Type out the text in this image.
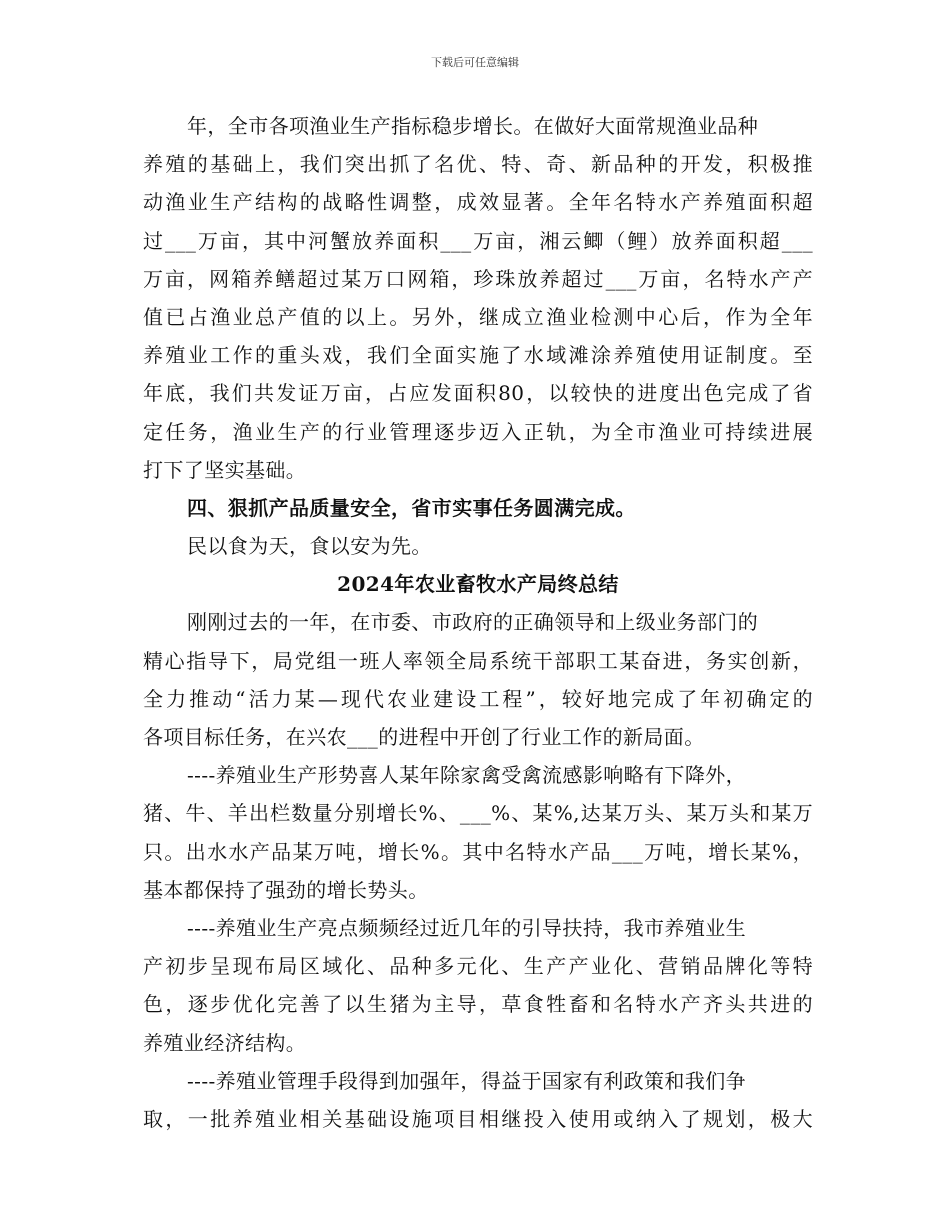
下载后可任意编辑
年，全市各项渔业生产指标稳步增长。在做好大面常规渔业品种
养殖的基础上，我们突出抓了名优、特、奇、新品种的开发，积极推
动渔业生产结构的战略性调整，成效显著。全年名特水产养殖面积超
过___万亩，其中河蟹放养面积___万亩，湘云鲫（鲤）放养面积超___
万亩，网箱养鳝超过某万口网箱，珍珠放养超过___万亩，名特水产产
值已占渔业总产值的以上。另外，继成立渔业检测中心后，作为全年
养殖业工作的重头戏，我们全面实施了水域滩涂养殖使用证制度。至
年底，我们共发证万亩，占应发面积80，以较快的进度出色完成了省
定任务，渔业生产的行业管理逐步迈入正轨，为全市渔业可持续进展
打下了坚实基础。
四、狠抓产品质量安全，省市实事任务圆满完成。
民以食为天，食以安为先。
2024年农业畜牧水产局终总结
刚刚过去的一年，在市委、市政府的正确领导和上级业务部门的
精心指导下，局党组一班人率领全局系统干部职工某奋进，务实创新，
全力推动“活力某—现代农业建设工程”，较好地完成了年初确定的
各项目标任务，在兴农___的进程中开创了行业工作的新局面。
----养殖业生产形势喜人某年除家禽受禽流感影响略有下降外，
猪、牛、羊出栏数量分别增长%、___%、某%,达某万头、某万头和某万
只。出水水产品某万吨，增长%。其中名特水产品___万吨，增长某%，
基本都保持了强劲的增长势头。
----养殖业生产亮点频频经过近几年的引导扶持，我市养殖业生
产初步呈现布局区域化、品种多元化、生产产业化、营销品牌化等特
色，逐步优化完善了以生猪为主导，草食牲畜和名特水产齐头共进的
养殖业经济结构。
----养殖业管理手段得到加强年，得益于国家有利政策和我们争
取，一批养殖业相关基础设施项目相继投入使用或纳入了规划，极大
